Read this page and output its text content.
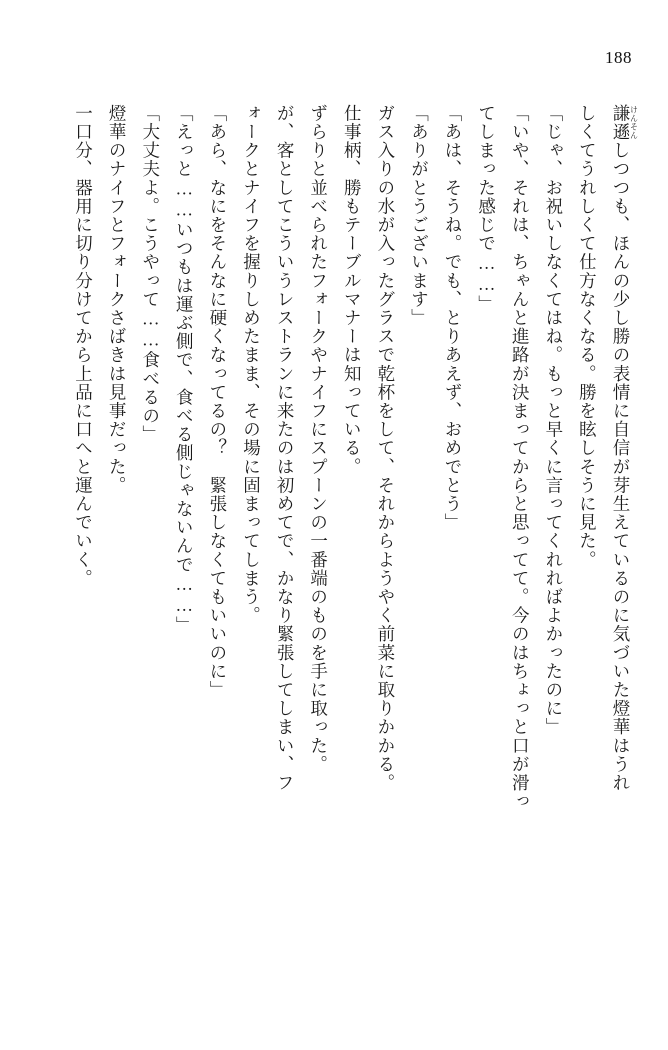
188
謙遜けんそんしつつも、ほんの少し勝の表情に自信が芽生えているのに気づいた燈華はうれ
しくてうれしくて仕方なくなる。勝を眩しそうに見た。
「じゃ、お祝いしなくてはね。もっと早くに言ってくれればよかったのに」
「いや、それは、ちゃんと進路が決まってからと思ってて。今のはちょっと口が滑っ
てしまった感じで……」
「あは、そうね。でも、とりあえず、おめでとう」
「ありがとうございます」
ガス入りの水が入ったグラスで乾杯をして、それからようやく前菜に取りかかる。
仕事柄、勝もテーブルマナーは知っている。
ずらりと並べられたフォークやナイフにスプーンの一番端のものを手に取った。
が、客としてこういうレストランに来たのは初めてで、かなり緊張してしまい、フ
ォークとナイフを握りしめたまま、その場に固まってしまう。
「あら、なにをそんなに硬くなってるの？　緊張しなくてもいいのに」
「えっと……いつもは運ぶ側で、食べる側じゃないんで……」
「大丈夫よ。こうやって……食べるの」
燈華のナイフとフォークさばきは見事だった。
一口分、器用に切り分けてから上品に口へと運んでいく。
